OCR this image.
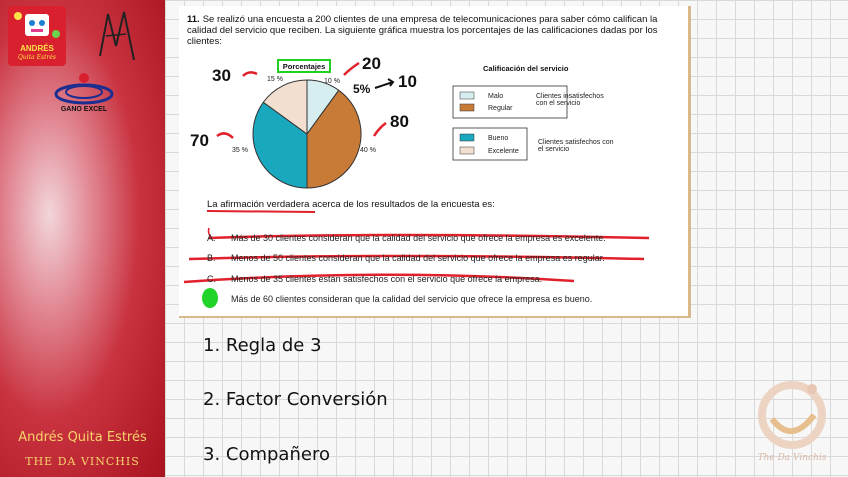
ANDRÉS
Quita Estrés
GANO EXCEL
Andrés Quita Estrés
THE DA VINCHIS
11. Se realizó una encuesta a 200 clientes de una empresa de telecomunicaciones para saber cómo califican la calidad del servicio que reciben. La siguiente gráfica muestra los porcentajes de las calificaciones dadas por los clientes:
Porcentajes
10 %
40 %
35 %
15 %
30
20
5% 10
80
70
Calificación del servicio
Malo
Regular
Clientes insatisfechos con el servicio
Bueno
Excelente
Clientes satisfechos con el servicio
La afirmación verdadera acerca de los resultados de la encuesta es:
A. Más de 30 clientes consideran que la calidad del servicio que ofrece la empresa es excelente.
B. Menos de 50 clientes consideran que la calidad del servicio que ofrece la empresa es regular.
C. Menos de 35 clientes están satisfechos con el servicio que ofrece la empresa.
Más de 60 clientes consideran que la calidad del servicio que ofrece la empresa es bueno.
1. Regla de 3
2. Factor Conversión
3. Compañero	The Da Vinchis
